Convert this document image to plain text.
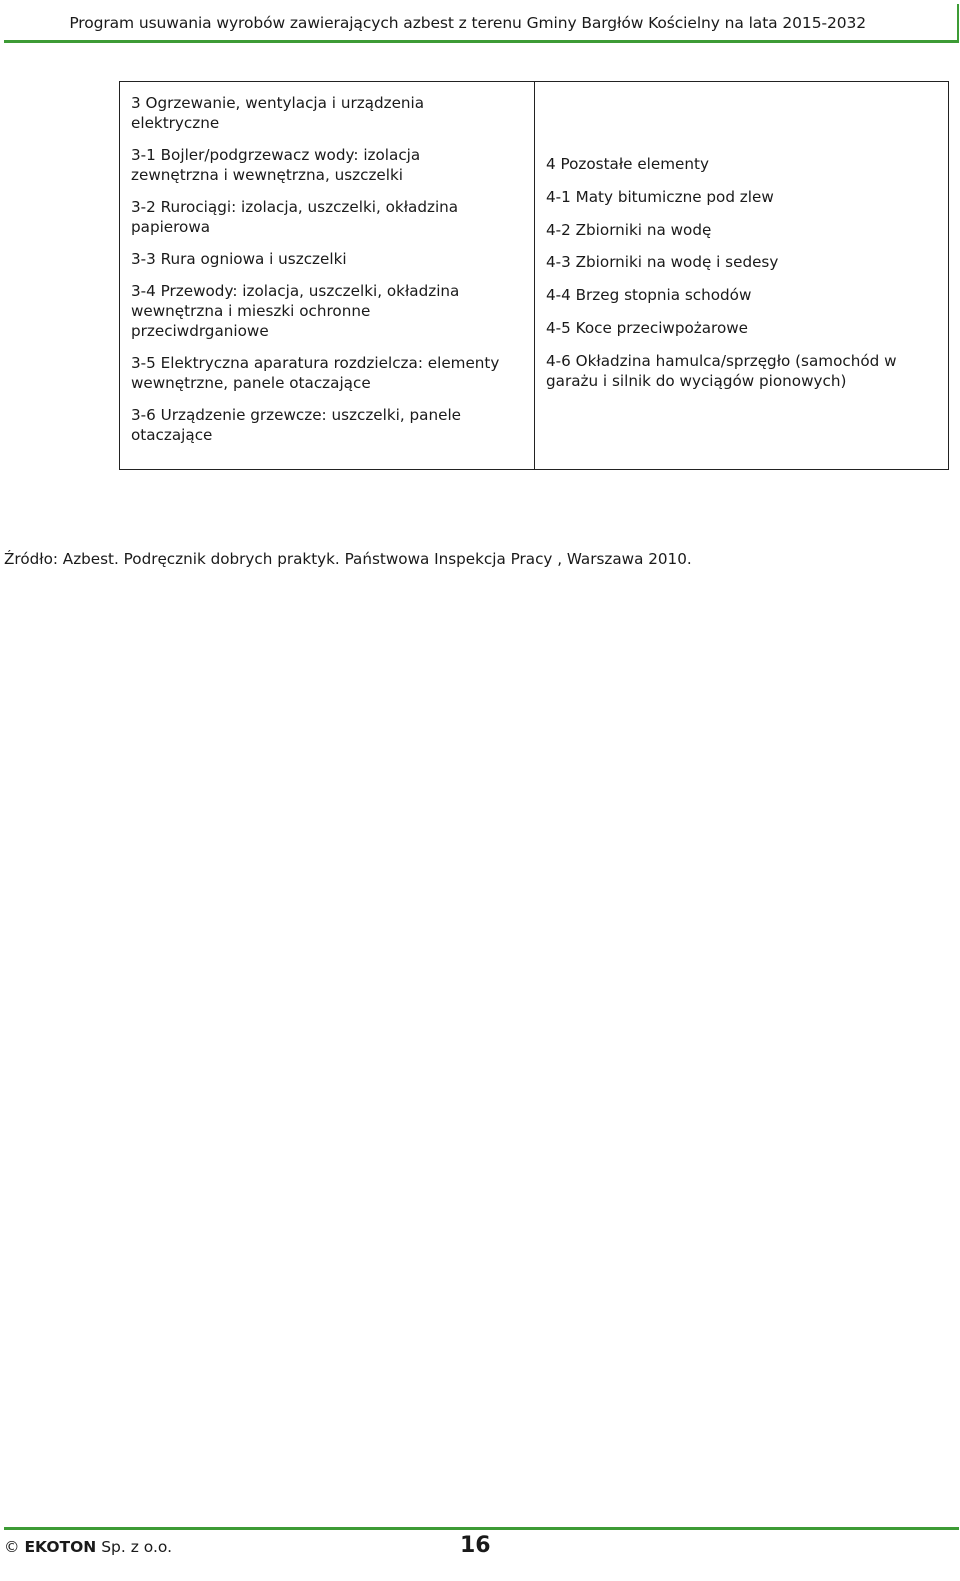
Program usuwania wyrobów zawierających azbest z terenu Gminy Bargłów Kościelny na lata 2015-2032
3 Ogrzewanie, wentylacja i urządzenia
elektryczne
3-1 Bojler/podgrzewacz wody: izolacja
zewnętrzna i wewnętrzna, uszczelki
3-2 Rurociągi: izolacja, uszczelki, okładzina
papierowa
3-3 Rura ogniowa i uszczelki
3-4 Przewody: izolacja, uszczelki, okładzina
wewnętrzna i mieszki ochronne
przeciwdrganiowe
3-5 Elektryczna aparatura rozdzielcza: elementy
wewnętrzne, panele otaczające
3-6 Urządzenie grzewcze: uszczelki, panele
otaczające
4 Pozostałe elementy
4-1 Maty bitumiczne pod zlew
4-2 Zbiorniki na wodę
4-3 Zbiorniki na wodę i sedesy
4-4 Brzeg stopnia schodów
4-5 Koce przeciwpożarowe
4-6 Okładzina hamulca/sprzęgło (samochód w
garażu i silnik do wyciągów pionowych)
Źródło: Azbest. Podręcznik dobrych praktyk. Państwowa Inspekcja Pracy , Warszawa 2010.
© EKOTON Sp. z o.o.	16
